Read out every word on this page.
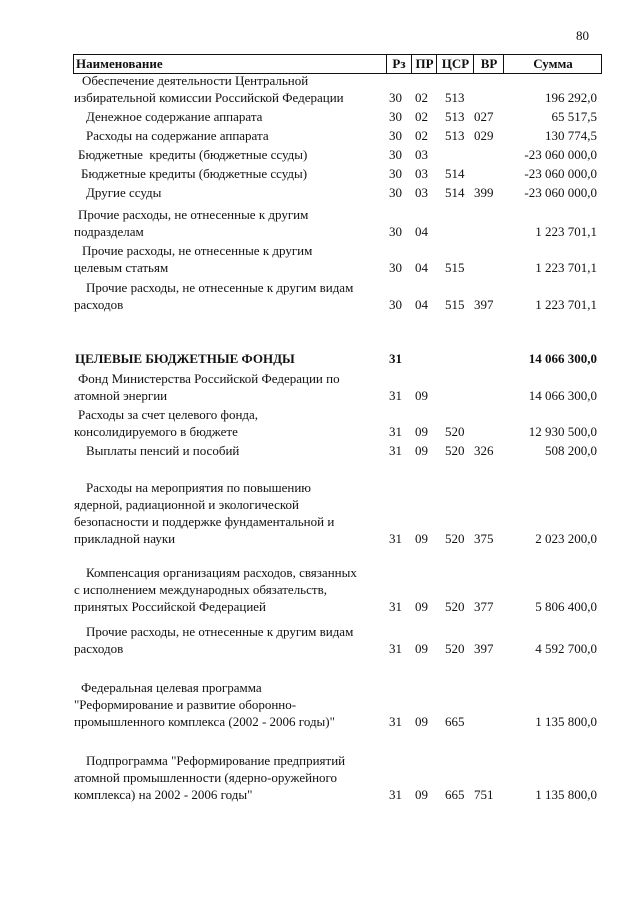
80
Наименование	Рз ПР ЦСР ВР	Сумма
Обеспечение деятельности Центральной
избирательной комиссии Российской Федерации	30 02 513	196 292,0
Денежное содержание аппарата	30 02 513 027	65 517,5
Расходы на содержание аппарата	30 02 513 029	130 774,5
Бюджетные  кредиты (бюджетные ссуды)	30 03	-23 060 000,0
Бюджетные кредиты (бюджетные ссуды)	30 03 514	-23 060 000,0
Другие ссуды	30 03 514 399	-23 060 000,0
Прочие расходы, не отнесенные к другим
подразделам	30 04	1 223 701,1
Прочие расходы, не отнесенные к другим
целевым статьям	30 04 515	1 223 701,1
Прочие расходы, не отнесенные к другим видам
расходов	30 04 515 397	1 223 701,1
ЦЕЛЕВЫЕ БЮДЖЕТНЫЕ ФОНДЫ	31	14 066 300,0
Фонд Министерства Российской Федерации по
атомной энергии	31 09	14 066 300,0
Расходы за счет целевого фонда,
консолидируемого в бюджете	31 09 520	12 930 500,0
Выплаты пенсий и пособий	31 09 520 326	508 200,0
Расходы на мероприятия по повышению
ядерной, радиационной и экологической
безопасности и поддержке фундаментальной и
прикладной науки	31 09 520 375	2 023 200,0
Компенсация организациям расходов, связанных
с исполнением международных обязательств,
принятых Российской Федерацией	31 09 520 377	5 806 400,0
Прочие расходы, не отнесенные к другим видам
расходов	31 09 520 397	4 592 700,0
Федеральная целевая программа
"Реформирование и развитие оборонно-
промышленного комплекса (2002 - 2006 годы)"	31 09 665	1 135 800,0
Подпрограмма "Реформирование предприятий
атомной промышленности (ядерно-оружейного
комплекса) на 2002 - 2006 годы"	31 09 665 751	1 135 800,0
